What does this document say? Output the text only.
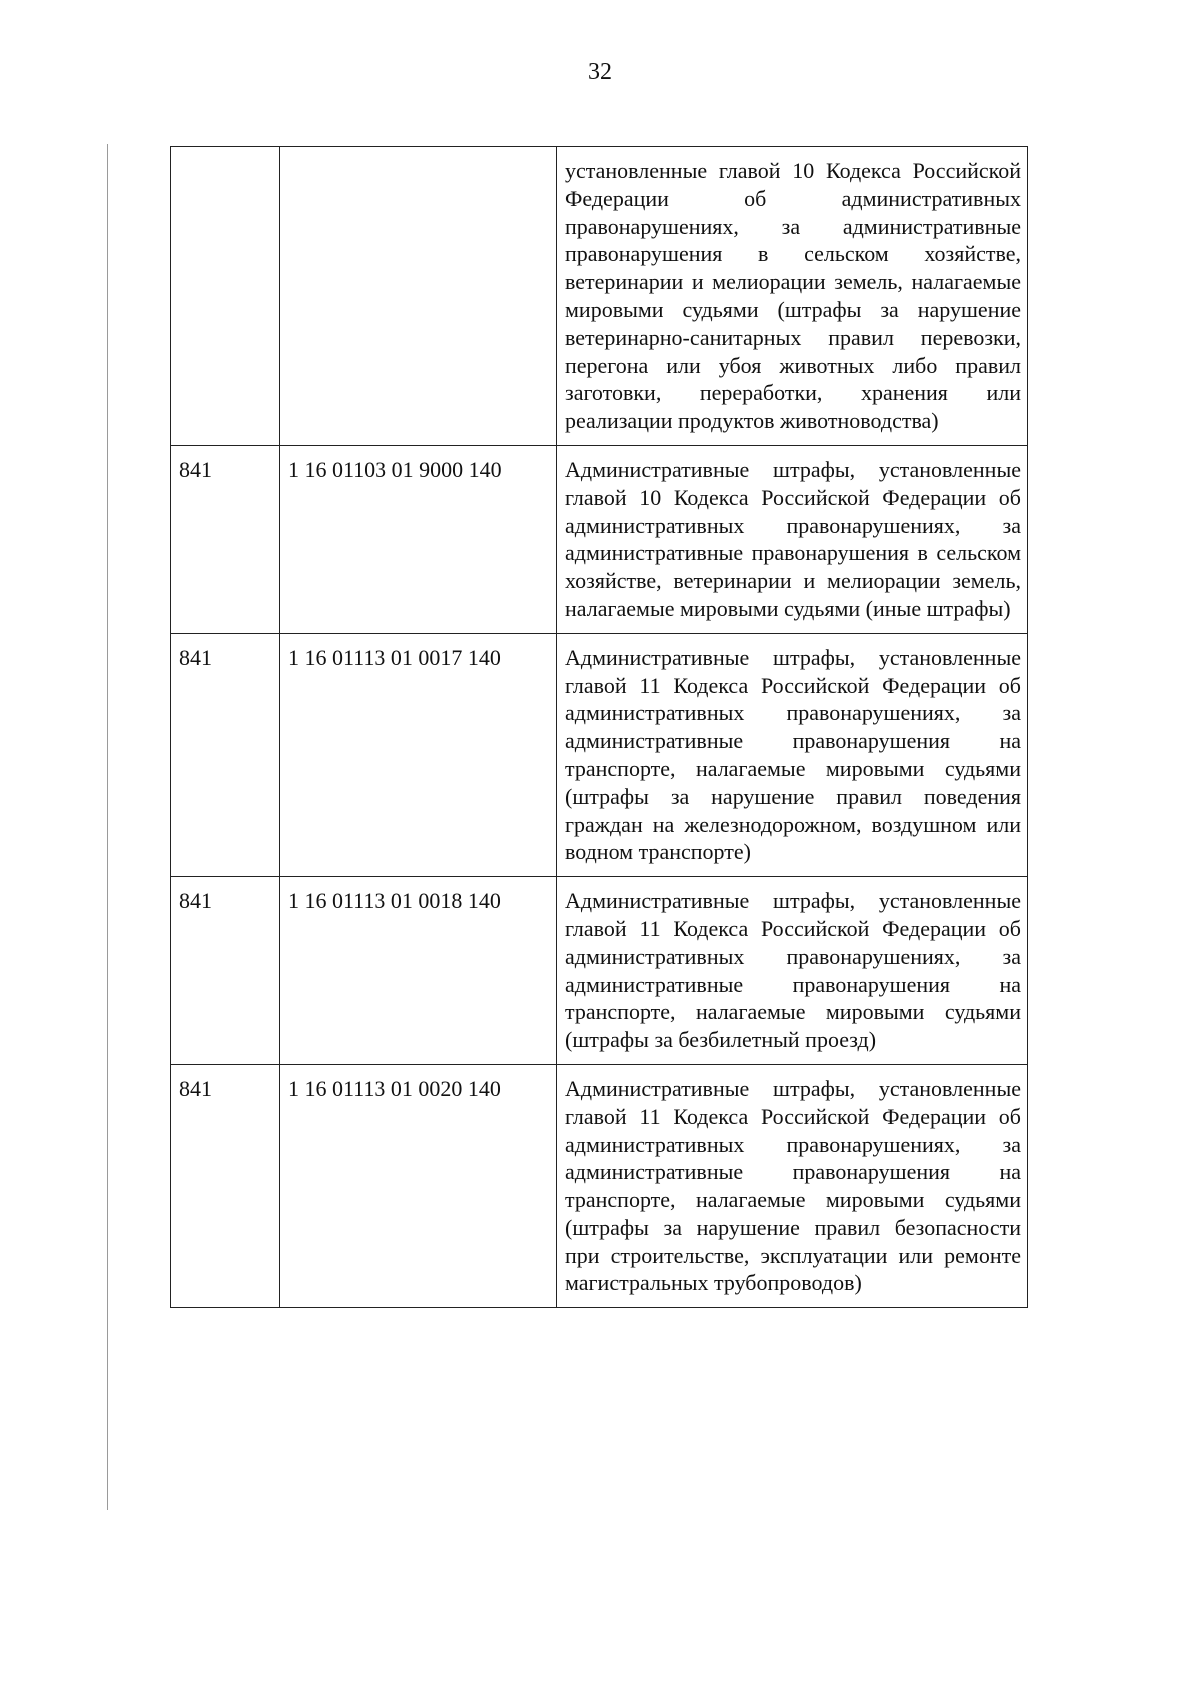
32

		установленные главой 10 Кодекса Российской Федерации об административных правонарушениях, за административные правонарушения в сельском хозяйстве, ветеринарии и мелиорации земель, налагаемые мировыми судьями (штрафы за нарушение ветеринарно-санитарных правил перевозки, перегона или убоя животных либо правил заготовки, переработки, хранения или реализации продуктов животноводства)

841	1 16 01103 01 9000 140	Административные штрафы, установленные главой 10 Кодекса Российской Федерации об административных правонарушениях, за административные правонарушения в сельском хозяйстве, ветеринарии и мелиорации земель, налагаемые мировыми судьями (иные штрафы)

841	1 16 01113 01 0017 140	Административные штрафы, установленные главой 11 Кодекса Российской Федерации об административных правонарушениях, за административные правонарушения на транспорте, налагаемые мировыми судьями (штрафы за нарушение правил поведения граждан на железнодорожном, воздушном или водном транспорте)

841	1 16 01113 01 0018 140	Административные штрафы, установленные главой 11 Кодекса Российской Федерации об административных правонарушениях, за административные правонарушения на транспорте, налагаемые мировыми судьями (штрафы за безбилетный проезд)

841	1 16 01113 01 0020 140	Административные штрафы, установленные главой 11 Кодекса Российской Федерации об административных правонарушениях, за административные правонарушения на транспорте, налагаемые мировыми судьями (штрафы за нарушение правил безопасности при строительстве, эксплуатации или ремонте магистральных трубопроводов)
